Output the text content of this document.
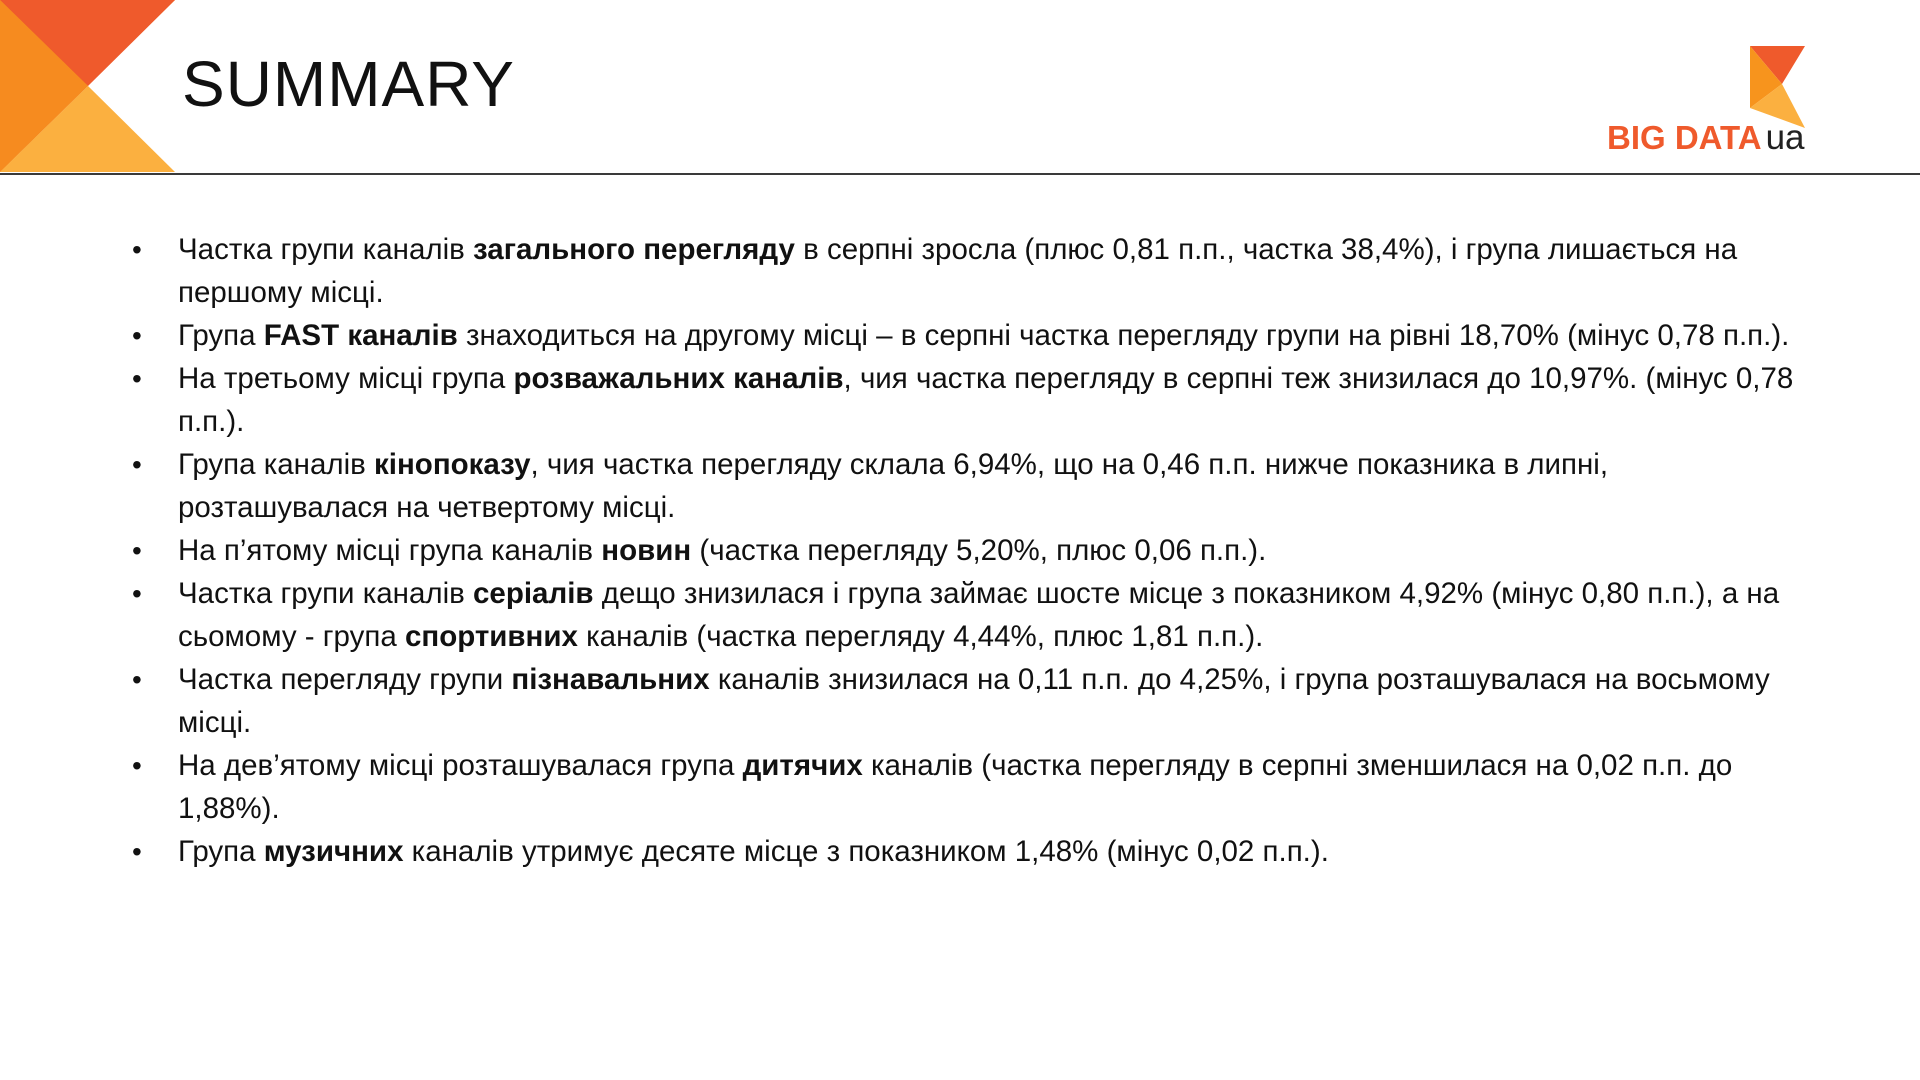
SUMMARY
BIG DATA ua
• Частка групи каналів загального перегляду в серпні зросла (плюс 0,81 п.п., частка 38,4%), і група лишається на першому місці.
• Група FAST каналів знаходиться на другому місці – в серпні частка перегляду групи на рівні 18,70% (мінус 0,78 п.п.).
• На третьому місці група розважальних каналів, чия частка перегляду в серпні теж знизилася до 10,97%. (мінус 0,78 п.п.).
• Група каналів кінопоказу, чия частка перегляду склала 6,94%, що на 0,46 п.п. нижче показника в липні, розташувалася на четвертому місці.
• На п’ятому місці група каналів новин (частка перегляду 5,20%, плюс 0,06 п.п.).
• Частка групи каналів серіалів дещо знизилася і група займає шосте місце з показником 4,92% (мінус 0,80 п.п.), а на сьомому - група спортивних каналів (частка перегляду 4,44%, плюс 1,81 п.п.).
• Частка перегляду групи пізнавальних каналів знизилася на 0,11 п.п. до 4,25%, і група розташувалася на восьмому місці.
• На дев’ятому місці розташувалася група дитячих каналів (частка перегляду в серпні зменшилася на 0,02 п.п. до 1,88%).
• Група музичних каналів утримує десяте місце з показником 1,48% (мінус 0,02 п.п.).
